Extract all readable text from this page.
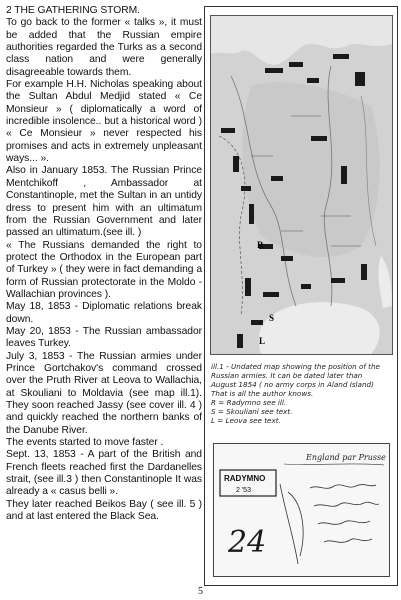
2 THE GATHERING STORM.

To go back to the former « talks », it must be added that the Russian empire authorities regarded the Turks as a second class nation and were generally disagreeable towards them.

For example H.H. Nicholas speaking about the Sultan Abdul Medjid stated « Ce Monsieur » ( diplomatically a word of incredible insolence.. but a historical word ) « Ce Monsieur » never respected his promises and acts in extremely unpleasant ways... ».

Also in January 1853. The Russian Prince Mentchikoff , Ambassador at Constantinople, met the Sultan in an untidy dress to present him with an ultimatum from the Russian Government and later passed an ultimatum.(see ill. )

« The Russians demanded the right to protect the Orthodox in the European part of Turkey » ( they were in fact demanding a form of Russian protectorate in the Moldo - Wallachian provinces ).

May 18, 1853 - Diplomatic relations break down.

May 20, 1853 - The Russian ambassador leaves Turkey.

July 3, 1853 - The Russian armies under Prince Gortchakov's command crossed over the Pruth River at Leova to Wallachia, at Skouliani to Moldavia (see map ill.1). They soon reached Jassy (see cover ill. 4 ) and quickly reached the northern banks of the Danube River.

The events started to move faster .

Sept. 13, 1853 - A part of the British and French fleets reached first the Dardanelles strait, (see ill.3 ) then Constantinople It was already a « casus belli ».

They later reached Beikos Bay ( see ill. 5 ) and at last entered the Black Sea.

R
S
L
ill.1 - Undated map showing the position of the
Russian armies. It can be dated later than
August 1854 ( no army corps in Aland Island)
That is all the author knows.
R = Radymno see ill.
S = Skouliani see text.
L = Leova see text.
England par Prusse
RADYMNO
2 '53
24
5
